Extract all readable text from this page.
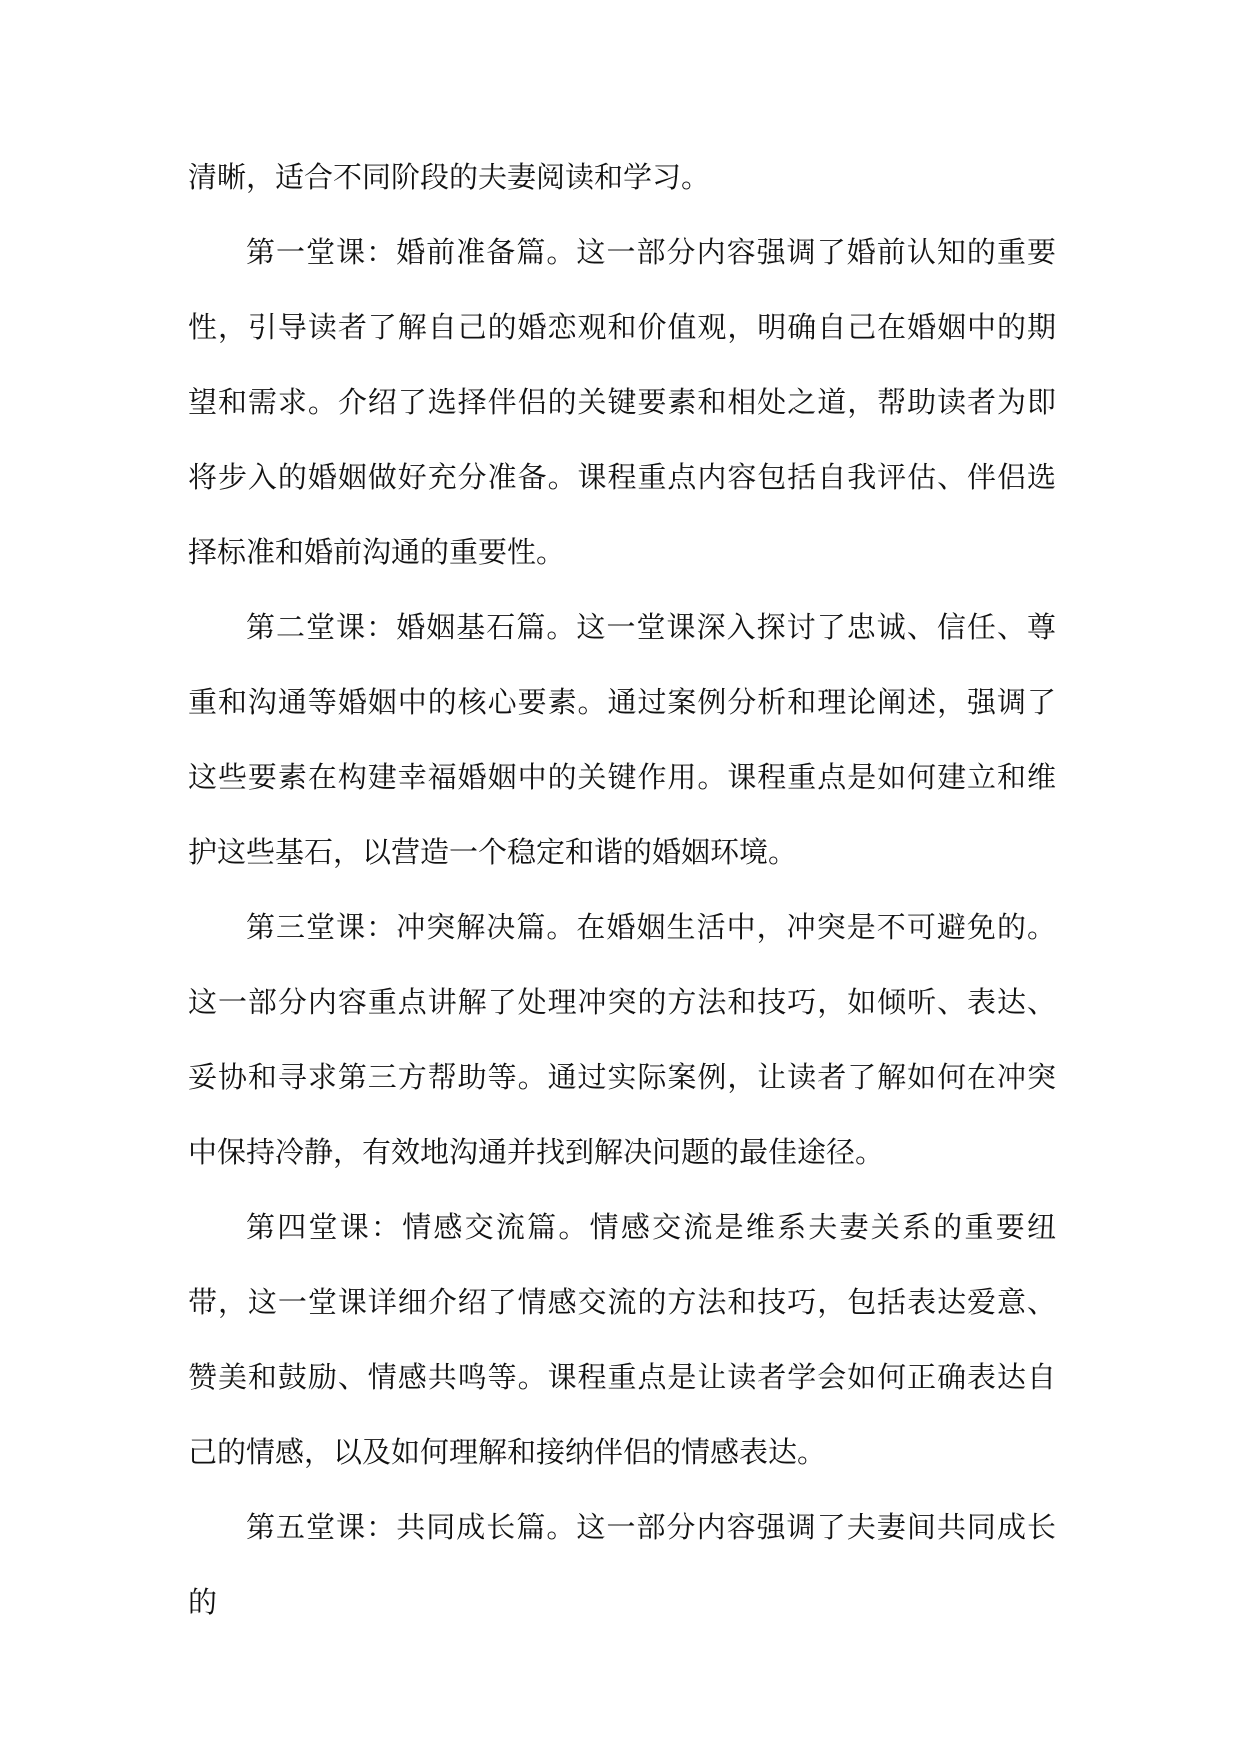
清晰，适合不同阶段的夫妻阅读和学习。

第一堂课：婚前准备篇。这一部分内容强调了婚前认知的重要性，引导读者了解自己的婚恋观和价值观，明确自己在婚姻中的期望和需求。介绍了选择伴侣的关键要素和相处之道，帮助读者为即将步入的婚姻做好充分准备。课程重点内容包括自我评估、伴侣选择标准和婚前沟通的重要性。

第二堂课：婚姻基石篇。这一堂课深入探讨了忠诚、信任、尊重和沟通等婚姻中的核心要素。通过案例分析和理论阐述，强调了这些要素在构建幸福婚姻中的关键作用。课程重点是如何建立和维护这些基石，以营造一个稳定和谐的婚姻环境。

第三堂课：冲突解决篇。在婚姻生活中，冲突是不可避免的。这一部分内容重点讲解了处理冲突的方法和技巧，如倾听、表达、妥协和寻求第三方帮助等。通过实际案例，让读者了解如何在冲突中保持冷静，有效地沟通并找到解决问题的最佳途径。

第四堂课：情感交流篇。情感交流是维系夫妻关系的重要纽带，这一堂课详细介绍了情感交流的方法和技巧，包括表达爱意、赞美和鼓励、情感共鸣等。课程重点是让读者学会如何正确表达自己的情感，以及如何理解和接纳伴侣的情感表达。

第五堂课：共同成长篇。这一部分内容强调了夫妻间共同成长的
